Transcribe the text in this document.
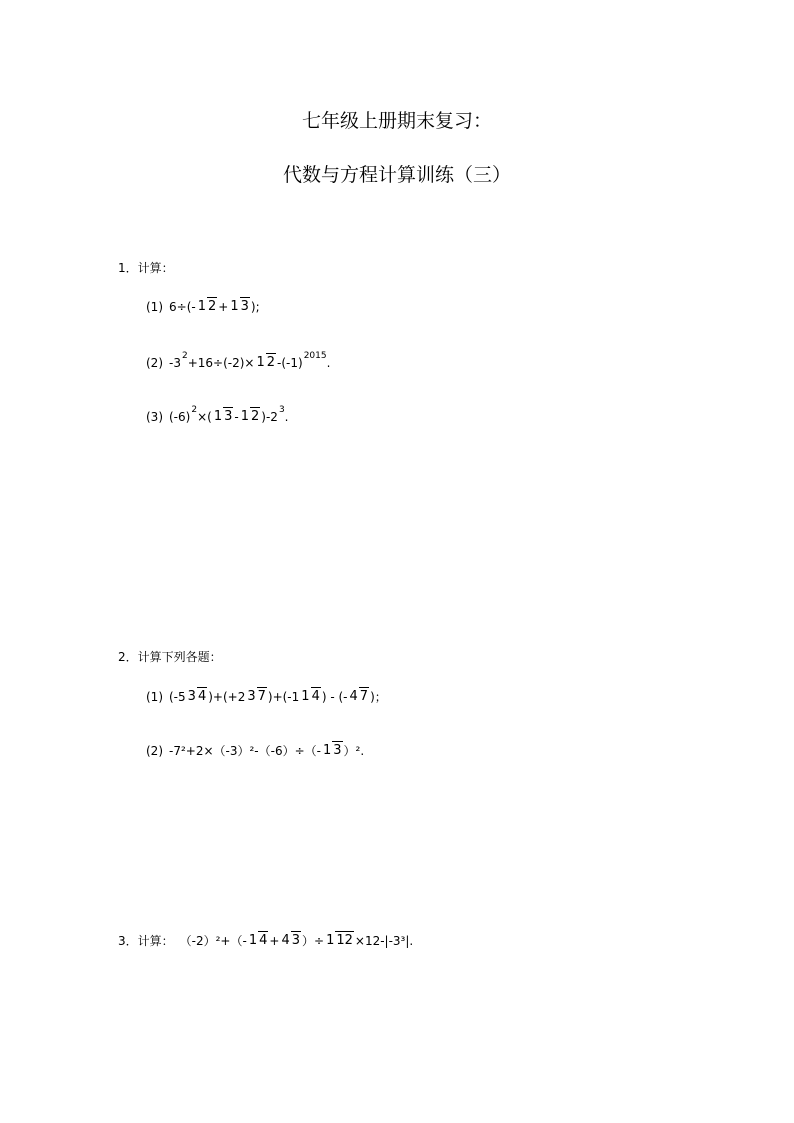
七年级上册期末复习：
代数与方程计算训练（三）
1．计算：
(1) 6÷ (- 1 2 + 1 3 );
(2) -3 2 +16÷(-2)× 1 2 -(-1) 2015 .
(3) (-6) 2 ×( 1 3 - 1 2 )-2 3 .
2．计算下列各题：
(1) (-5 3 4 )+(+2 3 7 )+(-1 1 4 ) - (- 4 7 )；
(2) -7²+2×（-3）²-（-6）÷（- 1 3 ）².
3．计算： （-2）²+（- 1 4 + 4 3 ）÷ 1 12 ×12-|-3³|.
